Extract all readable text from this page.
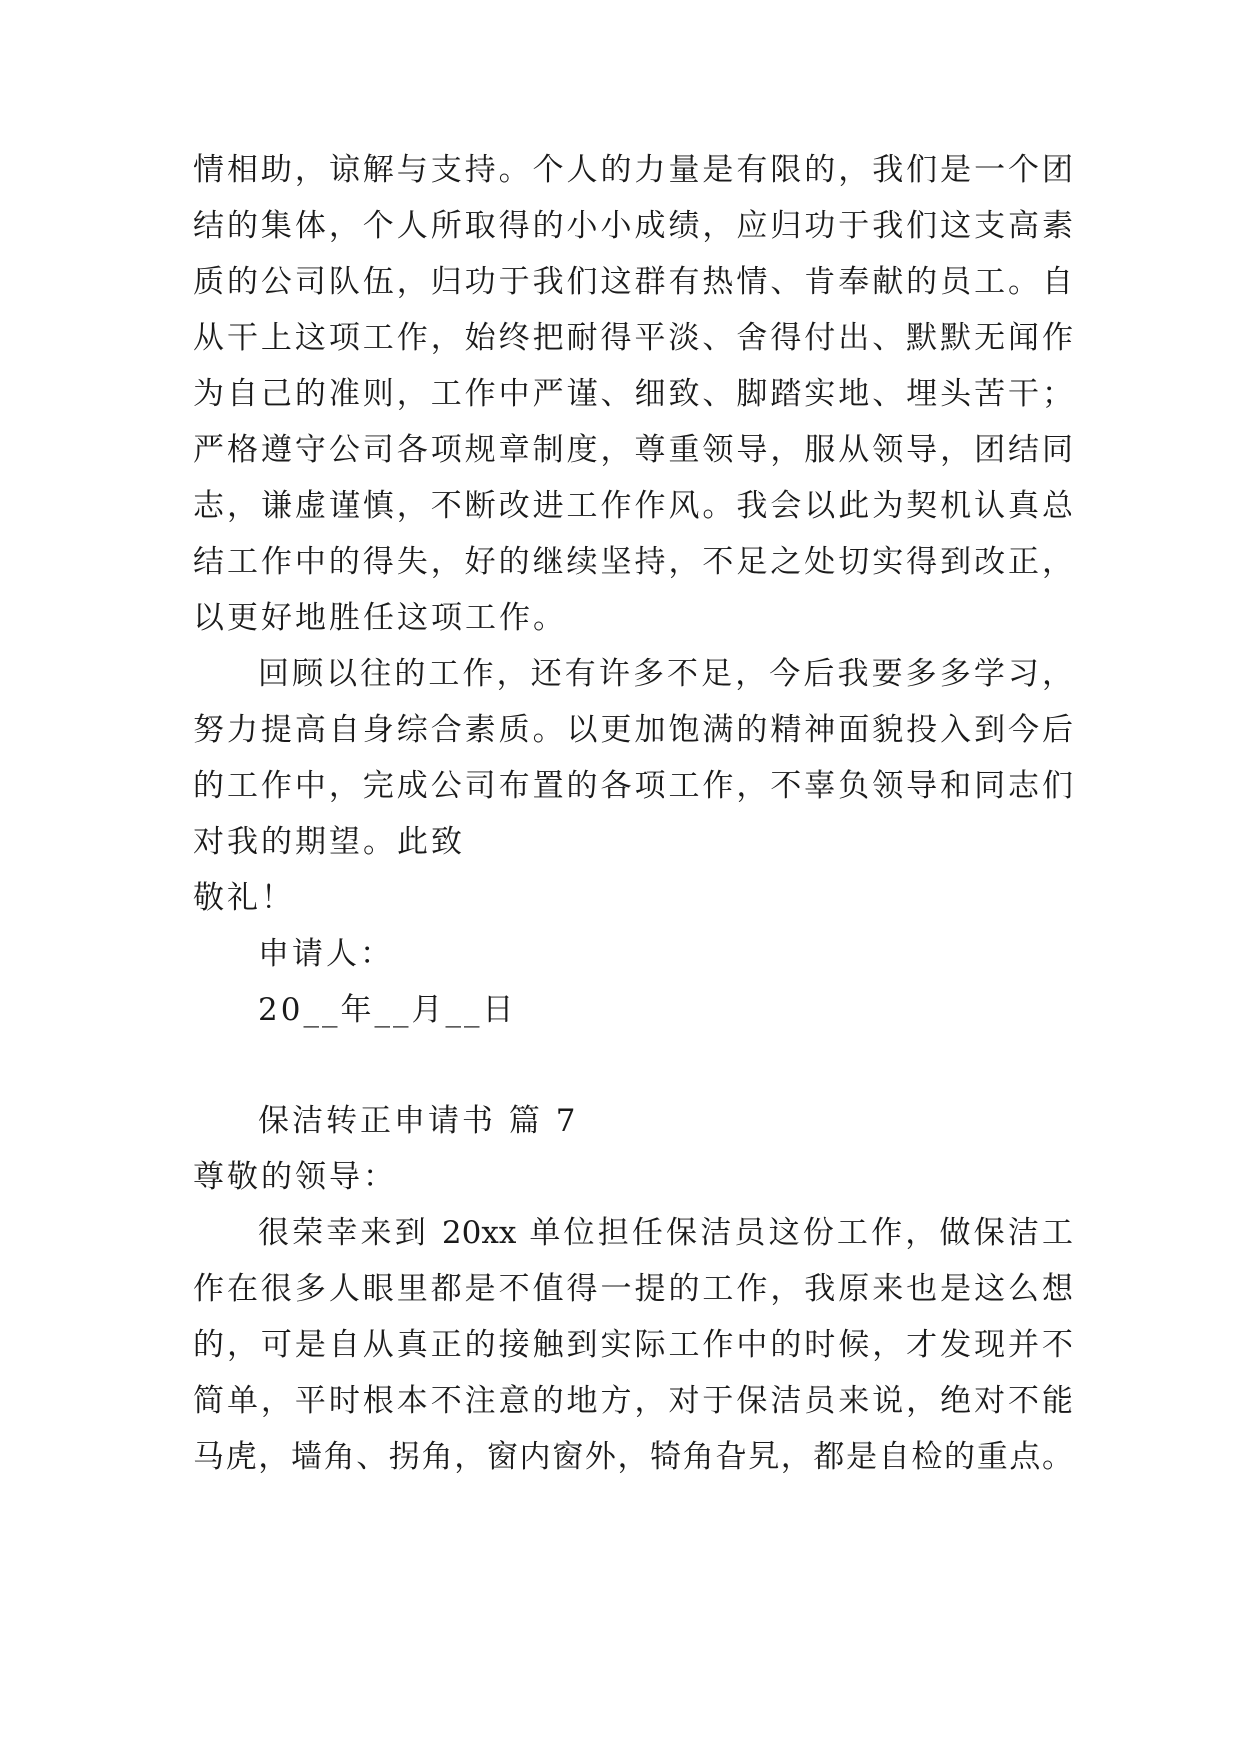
情相助，谅解与支持。个人的力量是有限的，我们是一个团
结的集体，个人所取得的小小成绩，应归功于我们这支高素
质的公司队伍，归功于我们这群有热情、肯奉献的员工。自
从干上这项工作，始终把耐得平淡、舍得付出、默默无闻作
为自己的准则，工作中严谨、细致、脚踏实地、埋头苦干；
严格遵守公司各项规章制度，尊重领导，服从领导，团结同
志，谦虚谨慎，不断改进工作作风。我会以此为契机认真总
结工作中的得失，好的继续坚持，不足之处切实得到改正，
以更好地胜任这项工作。
回顾以往的工作，还有许多不足，今后我要多多学习，
努力提高自身综合素质。以更加饱满的精神面貌投入到今后
的工作中，完成公司布置的各项工作，不辜负领导和同志们
对我的期望。此致
敬礼！
申请人：
20__年__月__日
保洁转正申请书 篇 7
尊敬的领导：
很荣幸来到 20xx 单位担任保洁员这份工作，做保洁工
作在很多人眼里都是不值得一提的工作，我原来也是这么想
的，可是自从真正的接触到实际工作中的时候，才发现并不
简单，平时根本不注意的地方，对于保洁员来说，绝对不能
马虎，墙角、拐角，窗内窗外，犄角旮旯，都是自检的重点。
